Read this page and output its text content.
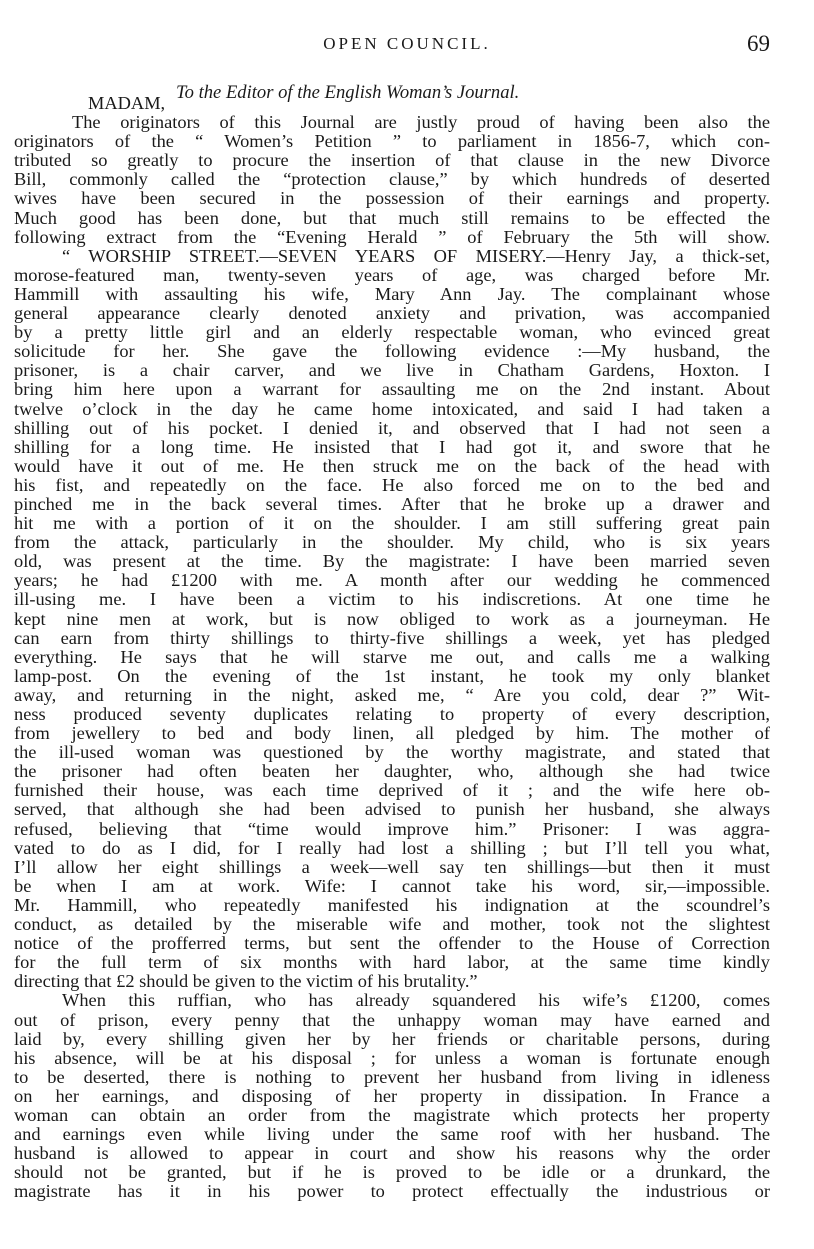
OPEN COUNCIL.	69
To the Editor of the English Woman’s Journal.
MADAM,
The originators of this Journal are justly proud of having been also the
originators of the “ Women’s Petition ” to parliament in 1856-7, which con-
tributed so greatly to procure the insertion of that clause in the new Divorce
Bill, commonly called the “protection clause,” by which hundreds of deserted
wives have been secured in the possession of their earnings and property.
Much good has been done, but that much still remains to be effected the
following extract from the “Evening Herald ” of February the 5th will show.
“ WORSHIP STREET.—SEVEN YEARS OF MISERY.—Henry Jay, a thick-set,
morose-featured man, twenty-seven years of age, was charged before Mr.
Hammill with assaulting his wife, Mary Ann Jay. The complainant whose
general appearance clearly denoted anxiety and privation, was accompanied
by a pretty little girl and an elderly respectable woman, who evinced great
solicitude for her. She gave the following evidence :—My husband, the
prisoner, is a chair carver, and we live in Chatham Gardens, Hoxton. I
bring him here upon a warrant for assaulting me on the 2nd instant. About
twelve o’clock in the day he came home intoxicated, and said I had taken a
shilling out of his pocket. I denied it, and observed that I had not seen a
shilling for a long time. He insisted that I had got it, and swore that he
would have it out of me. He then struck me on the back of the head with
his fist, and repeatedly on the face. He also forced me on to the bed and
pinched me in the back several times. After that he broke up a drawer and
hit me with a portion of it on the shoulder. I am still suffering great pain
from the attack, particularly in the shoulder. My child, who is six years
old, was present at the time. By the magistrate: I have been married seven
years; he had £1200 with me. A month after our wedding he commenced
ill-using me. I have been a victim to his indiscretions. At one time he
kept nine men at work, but is now obliged to work as a journeyman. He
can earn from thirty shillings to thirty-five shillings a week, yet has pledged
everything. He says that he will starve me out, and calls me a walking
lamp-post. On the evening of the 1st instant, he took my only blanket
away, and returning in the night, asked me, “ Are you cold, dear ?” Wit-
ness produced seventy duplicates relating to property of every description,
from jewellery to bed and body linen, all pledged by him. The mother of
the ill-used woman was questioned by the worthy magistrate, and stated that
the prisoner had often beaten her daughter, who, although she had twice
furnished their house, was each time deprived of it ; and the wife here ob-
served, that although she had been advised to punish her husband, she always
refused, believing that “time would improve him.” Prisoner: I was aggra-
vated to do as I did, for I really had lost a shilling ; but I’ll tell you what,
I’ll allow her eight shillings a week—well say ten shillings—but then it must
be when I am at work. Wife: I cannot take his word, sir,—impossible.
Mr. Hammill, who repeatedly manifested his indignation at the scoundrel’s
conduct, as detailed by the miserable wife and mother, took not the slightest
notice of the profferred terms, but sent the offender to the House of Correction
for the full term of six months with hard labor, at the same time kindly
directing that £2 should be given to the victim of his brutality.”
When this ruffian, who has already squandered his wife’s £1200, comes
out of prison, every penny that the unhappy woman may have earned and
laid by, every shilling given her by her friends or charitable persons, during
his absence, will be at his disposal ; for unless a woman is fortunate enough
to be deserted, there is nothing to prevent her husband from living in idleness
on her earnings, and disposing of her property in dissipation. In France a
woman can obtain an order from the magistrate which protects her property
and earnings even while living under the same roof with her husband. The
husband is allowed to appear in court and show his reasons why the order
should not be granted, but if he is proved to be idle or a drunkard, the
magistrate has it in his power to protect effectually the industrious or
